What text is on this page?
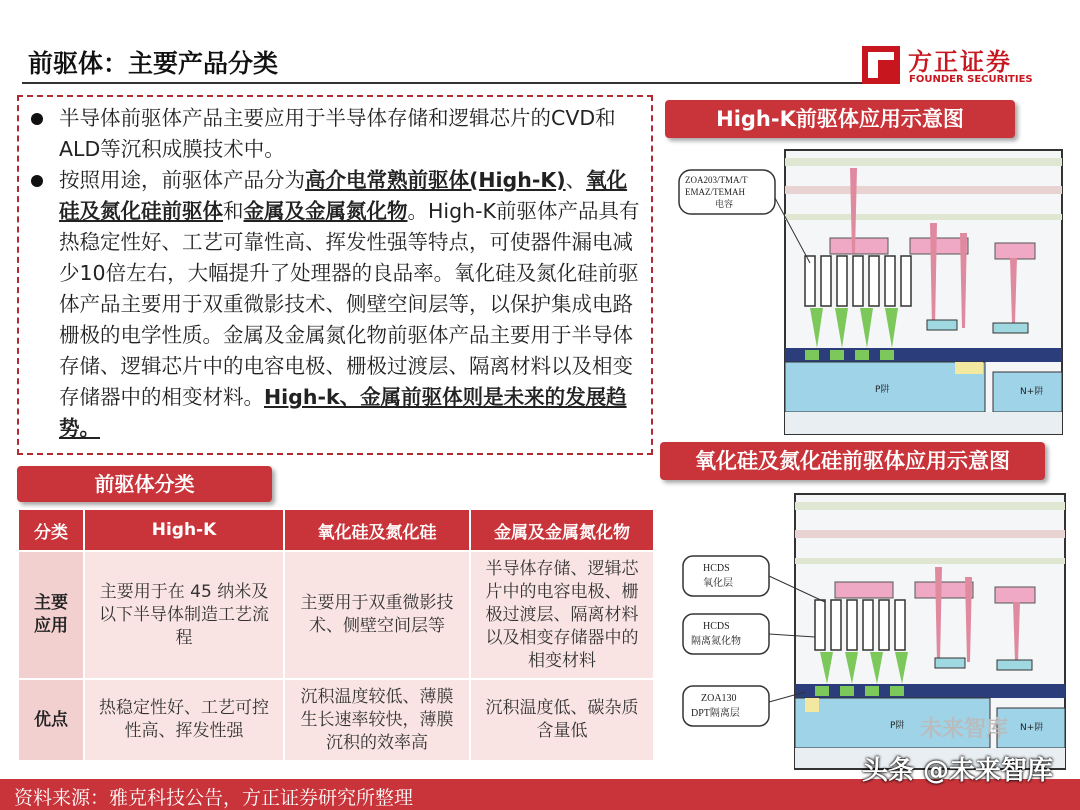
前驱体：主要产品分类	方正证券
FOUNDER SECURITIES
半导体前驱体产品主要应用于半导体存储和逻辑芯片的CVD和ALD等沉积成膜技术中。
按照用途，前驱体产品分为高介电常熟前驱体(High-K)、氧化硅及氮化硅前驱体和金属及金属氮化物。High-K前驱体产品具有热稳定性好、工艺可靠性高、挥发性强等特点，可使器件漏电减少10倍左右，大幅提升了处理器的良品率。氧化硅及氮化硅前驱体产品主要用于双重微影技术、侧壁空间层等，以保护集成电路栅极的电学性质。金属及金属氮化物前驱体产品主要用于半导体存储、逻辑芯片中的电容电极、栅极过渡层、隔离材料以及相变存储器中的相变材料。High-k、金属前驱体则是未来的发展趋势。
High-K前驱体应用示意图
P阱	N+阱
ZOA203/TMA/T
EMAZ/TEMAH
电容
氧化硅及氮化硅前驱体应用示意图
P阱	N+阱
HCDS
氧化层
HCDS
隔离氮化物
ZOA130
DPT隔离层
前驱体分类
分类	High-K	氧化硅及氮化硅	金属及金属氮化物
主要应用	主要用于在 45 纳米及以下半导体制造工艺流程	主要用于双重微影技术、侧壁空间层等	半导体存储、逻辑芯片中的电容电极、栅极过渡层、隔离材料以及相变存储器中的相变材料
优点	热稳定性好、工艺可控性高、挥发性强	沉积温度较低、薄膜生长速率较快，薄膜沉积的效率高	沉积温度低、碳杂质含量低	未来智库
资料来源：雅克科技公告，方正证券研究所整理
头条 @未来智库
